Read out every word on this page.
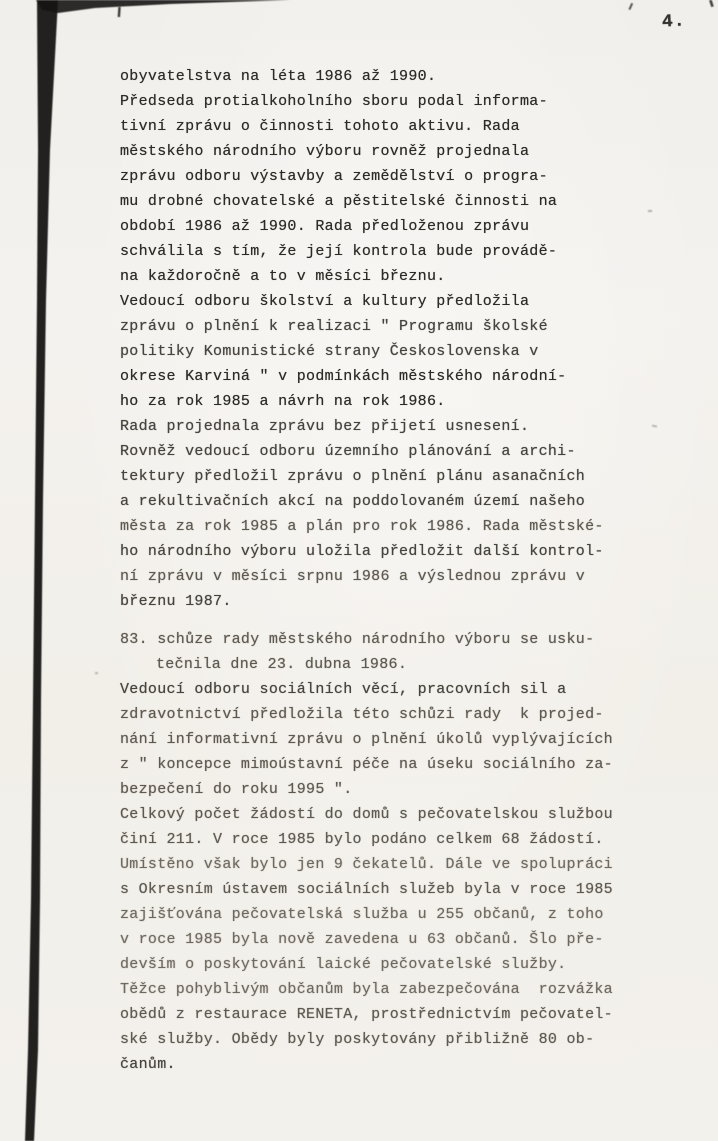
4.
obyvatelstva na léta 1986 až 1990.
Předseda protialkoholního sboru podal informa-
tivní zprávu o činnosti tohoto aktivu. Rada
městského národního výboru rovněž projednala
zprávu odboru výstavby a zemědělství o progra-
mu drobné chovatelské a pěstitelské činnosti na
období 1986 až 1990. Rada předloženou zprávu
schválila s tím, že její kontrola bude provádě-
na každoročně a to v měsíci březnu.
Vedoucí odboru školství a kultury předložila
zprávu o plnění k realizaci " Programu školské
politiky Komunistické strany Československa v
okrese Karviná " v podmínkách městského národní-
ho za rok 1985 a návrh na rok 1986.
Rada projednala zprávu bez přijetí usnesení.
Rovněž vedoucí odboru územního plánování a archi-
tektury předložil zprávu o plnění plánu asanačních
a rekultivačních akcí na poddolovaném území našeho
města za rok 1985 a plán pro rok 1986. Rada městské-
ho národního výboru uložila předložit další kontrol-
ní zprávu v měsíci srpnu 1986 a výslednou zprávu v
březnu 1987.
83. schůze rady městského národního výboru se usku-
tečnila dne 23. dubna 1986.
Vedoucí odboru sociálních věcí, pracovních sil a
zdravotnictví předložila této schůzi rady  k projed-
nání informativní zprávu o plnění úkolů vyplývajících
z " koncepce mimoústavní péče na úseku sociálního za-
bezpečení do roku 1995 ".
Celkový počet žádostí do domů s pečovatelskou službou
činí 211. V roce 1985 bylo podáno celkem 68 žádostí.
Umístěno však bylo jen 9 čekatelů. Dále ve spolupráci
s Okresním ústavem sociálních služeb byla v roce 1985
zajišťována pečovatelská služba u 255 občanů, z toho
v roce 1985 byla nově zavedena u 63 občanů. Šlo pře-
devším o poskytování laické pečovatelské služby.
Těžce pohyblivým občanům byla zabezpečována  rozvážka
obědů z restaurace RENETA, prostřednictvím pečovatel-
ské služby. Obědy byly poskytovány přibližně 80 ob-
čanům.
